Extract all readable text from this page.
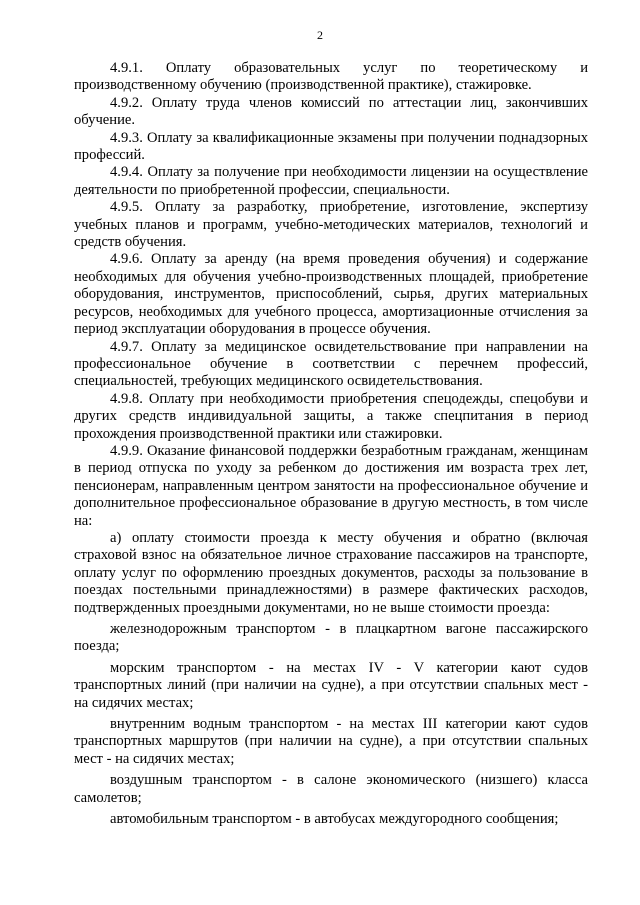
2

4.9.1. Оплату образовательных услуг по теоретическому и производственному обучению (производственной практике), стажировке.

4.9.2. Оплату труда членов комиссий по аттестации лиц, закончивших обучение.

4.9.3. Оплату за квалификационные экзамены при получении поднадзорных профессий.

4.9.4. Оплату за получение при необходимости лицензии на осуществление деятельности по приобретенной профессии, специальности.

4.9.5. Оплату за разработку, приобретение, изготовление, экспертизу учебных планов и программ, учебно-методических материалов, технологий и средств обучения.

4.9.6. Оплату за аренду (на время проведения обучения) и содержание необходимых для обучения учебно-производственных площадей, приобретение оборудования, инструментов, приспособлений, сырья, других материальных ресурсов, необходимых для учебного процесса, амортизационные отчисления за период эксплуатации оборудования в процессе обучения.

4.9.7. Оплату за медицинское освидетельствование при направлении на профессиональное обучение в соответствии с перечнем профессий, специальностей, требующих медицинского освидетельствования.

4.9.8. Оплату при необходимости приобретения спецодежды, спецобуви и других средств индивидуальной защиты, а также спецпитания в период прохождения производственной практики или стажировки.

4.9.9. Оказание финансовой поддержки безработным гражданам, женщинам в период отпуска по уходу за ребенком до достижения им возраста трех лет, пенсионерам, направленным центром занятости на профессиональное обучение и дополнительное профессиональное образование в другую местность, в том числе на:

а) оплату стоимости проезда к месту обучения и обратно (включая страховой взнос на обязательное личное страхование пассажиров на транспорте, оплату услуг по оформлению проездных документов, расходы за пользование в поездах постельными принадлежностями) в размере фактических расходов, подтвержденных проездными документами, но не выше стоимости проезда:

железнодорожным транспортом - в плацкартном вагоне пассажирского поезда;

морским транспортом - на местах IV - V категории кают судов транспортных линий (при наличии на судне), а при отсутствии спальных мест - на сидячих местах;

внутренним водным транспортом - на местах III категории кают судов транспортных маршрутов (при наличии на судне), а при отсутствии спальных мест - на сидячих местах;

воздушным транспортом - в салоне экономического (низшего) класса самолетов;

автомобильным транспортом - в автобусах междугородного сообщения;
